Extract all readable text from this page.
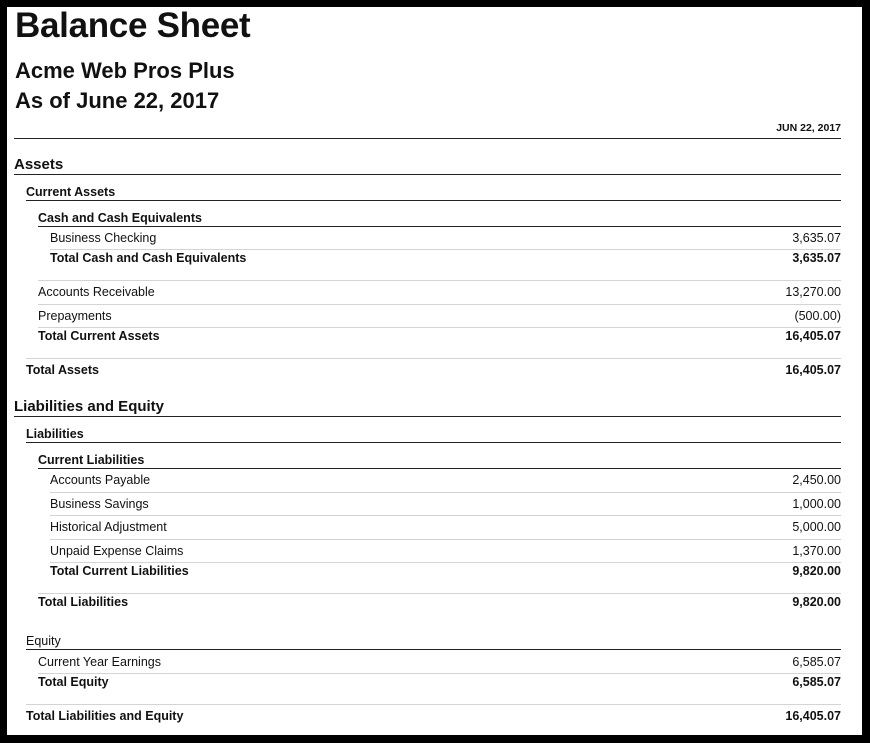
Balance Sheet
Acme Web Pros Plus
As of June 22, 2017
JUN 22, 2017
Assets
Current Assets
Cash and Cash Equivalents
Business Checking	3,635.07
Total Cash and Cash Equivalents	3,635.07
Accounts Receivable	13,270.00
Prepayments	(500.00)
Total Current Assets	16,405.07
Total Assets	16,405.07
Liabilities and Equity
Liabilities
Current Liabilities
Accounts Payable	2,450.00
Business Savings	1,000.00
Historical Adjustment	5,000.00
Unpaid Expense Claims	1,370.00
Total Current Liabilities	9,820.00
Total Liabilities	9,820.00
Equity
Current Year Earnings	6,585.07
Total Equity	6,585.07
Total Liabilities and Equity	16,405.07
